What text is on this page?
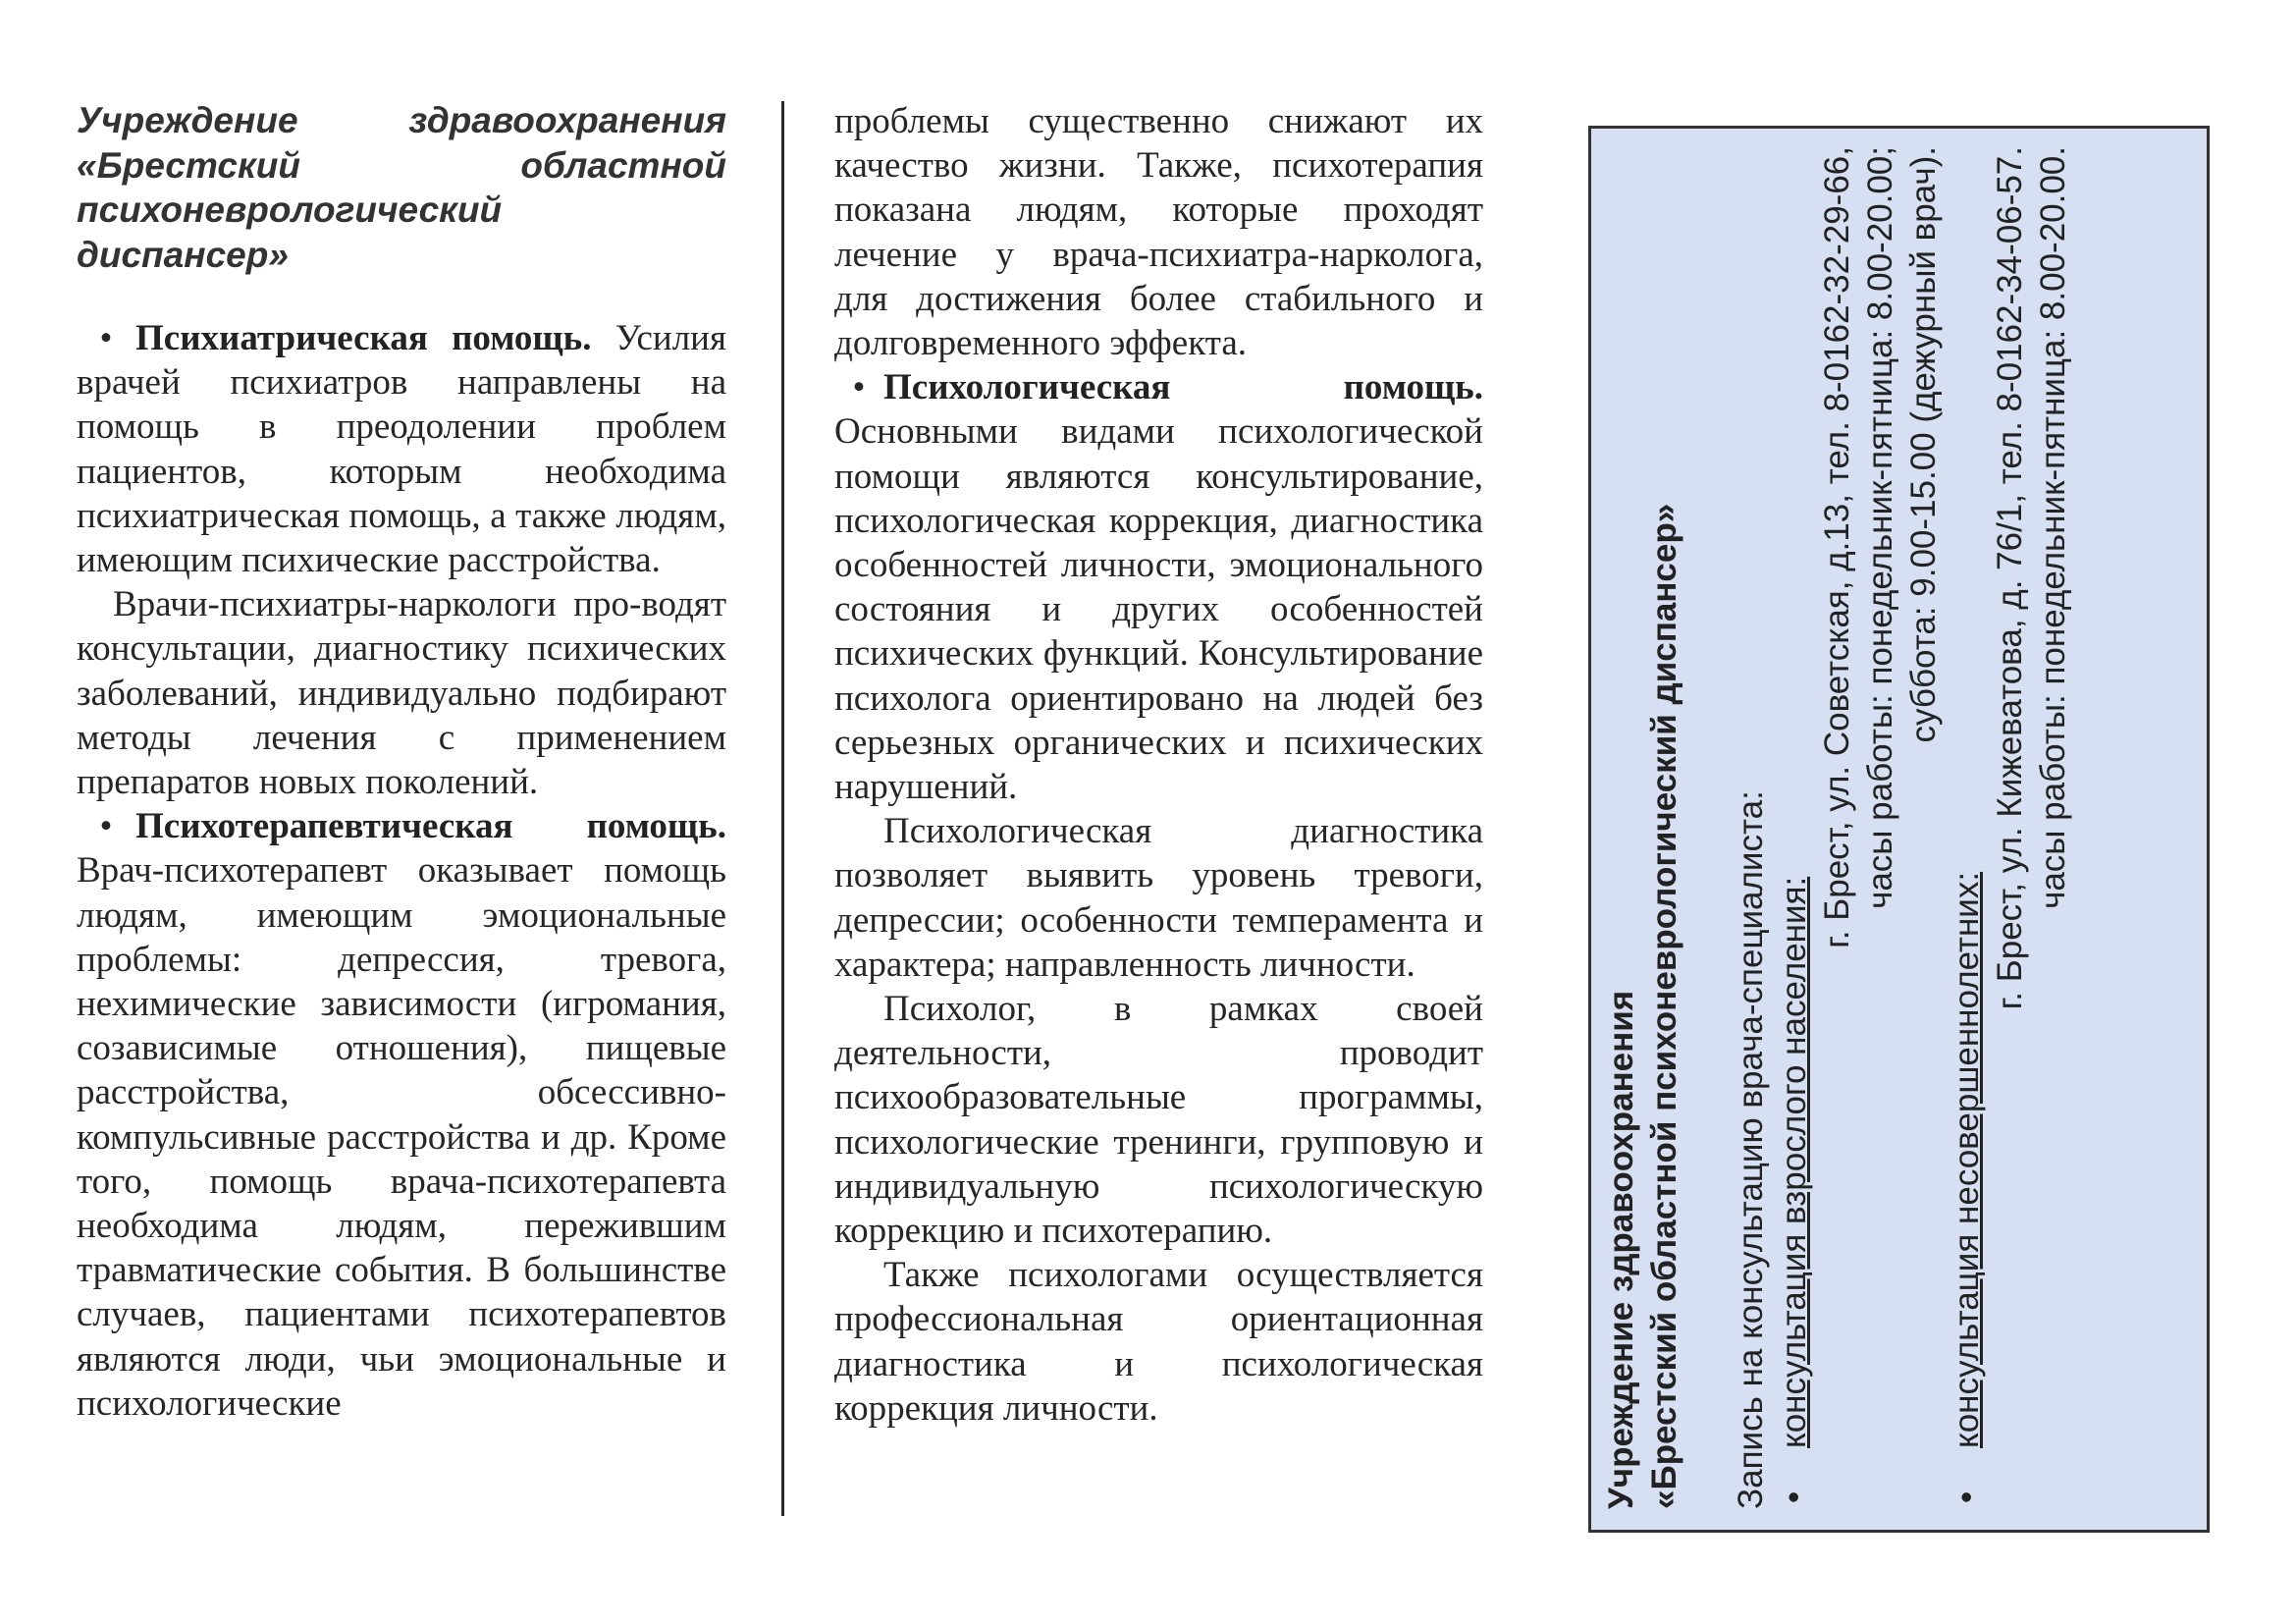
Учреждение здравоохранения
«Брестский областной
психоневрологический
диспансер»

• Психиатрическая помощь. Усилия врачей психиатров направлены на помощь в преодолении проблем пациентов, которым необходима психиатрическая помощь, а также людям, имеющим психические расстройства.

Врачи-психиатры-наркологи про-водят консультации, диагностику психических заболеваний, индивидуально подбирают методы лечения с применением препаратов новых поколений.

• Психотерапевтическая помощь. Врач-психотерапевт оказывает помощь людям, имеющим эмоциональные проблемы: депрессия, тревога, нехимические зависимости (игромания, созависимые отношения), пищевые расстройства, обсессивно-компульсивные расстройства и др. Кроме того, помощь врача-психотерапевта необходима людям, пережившим травматические события. В большинстве случаев, пациентами психотерапевтов являются люди, чьи эмоциональные и психологические

проблемы существенно снижают их качество жизни. Также, психотерапия показана людям, которые проходят лечение у врача-психиатра-нарколога, для достижения более стабильного и долговременного эффекта.

• Психологическая помощь. Основными видами психологической помощи являются консультирование, психологическая коррекция, диагностика особенностей личности, эмоционального состояния и других особенностей психических функций. Консультирование психолога ориентировано на людей без серьезных органических и психических нарушений.

Психологическая диагностика позволяет выявить уровень тревоги, депрессии; особенности темперамента и характера; направленность личности.

Психолог, в рамках своей деятельности, проводит психообразовательные программы, психологические тренинги, групповую и индивидуальную психологическую коррекцию и психотерапию.

Также психологами осуществляется профессиональная ориентационная диагностика и психологическая коррекция личности.	Учреждение здравоохранения «Брестский областной психоневрологический диспансер» Запись на консультацию врача-специалиста: •
консультация взрослого населения:
г. Брест, ул. Советская, д.13, тел. 8-0162-32-29-66, часы работы: понедельник-пятница: 8.00-20.00; суббота: 9.00-15.00 (дежурный врач).
•
консультация несовершеннолетних:
г. Брест, ул. Кижеватова, д. 76/1, тел. 8-0162-34-06-57. часы работы: понедельник-пятница: 8.00-20.00.
